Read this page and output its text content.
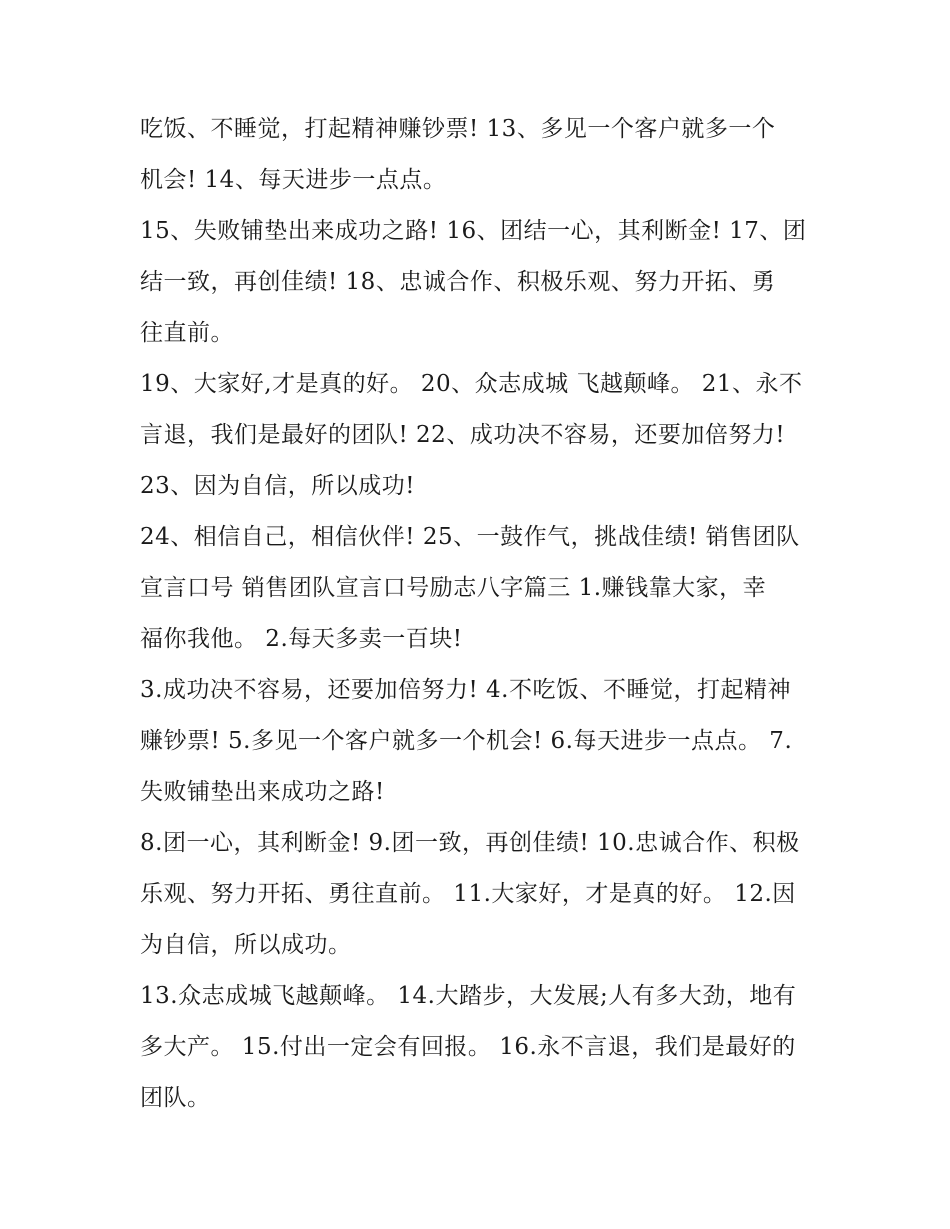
吃饭、不睡觉，打起精神赚钞票! 13、多见一个客户就多一个
机会! 14、每天进步一点点。
15、失败铺垫出来成功之路! 16、团结一心，其利断金! 17、团
结一致，再创佳绩! 18、忠诚合作、积极乐观、努力开拓、勇
往直前。
19、大家好,才是真的好。 20、众志成城 飞越颠峰。 21、永不
言退，我们是最好的团队! 22、成功决不容易，还要加倍努力!
23、因为自信，所以成功!
24、相信自己，相信伙伴! 25、一鼓作气，挑战佳绩! 销售团队
宣言口号 销售团队宣言口号励志八字篇三 1.赚钱靠大家，幸
福你我他。 2.每天多卖一百块!
3.成功决不容易，还要加倍努力! 4.不吃饭、不睡觉，打起精神
赚钞票! 5.多见一个客户就多一个机会! 6.每天进步一点点。 7.
失败铺垫出来成功之路!
8.团一心，其利断金! 9.团一致，再创佳绩! 10.忠诚合作、积极
乐观、努力开拓、勇往直前。 11.大家好，才是真的好。 12.因
为自信，所以成功。
13.众志成城飞越颠峰。 14.大踏步，大发展;人有多大劲，地有
多大产。 15.付出一定会有回报。 16.永不言退，我们是最好的
团队。
